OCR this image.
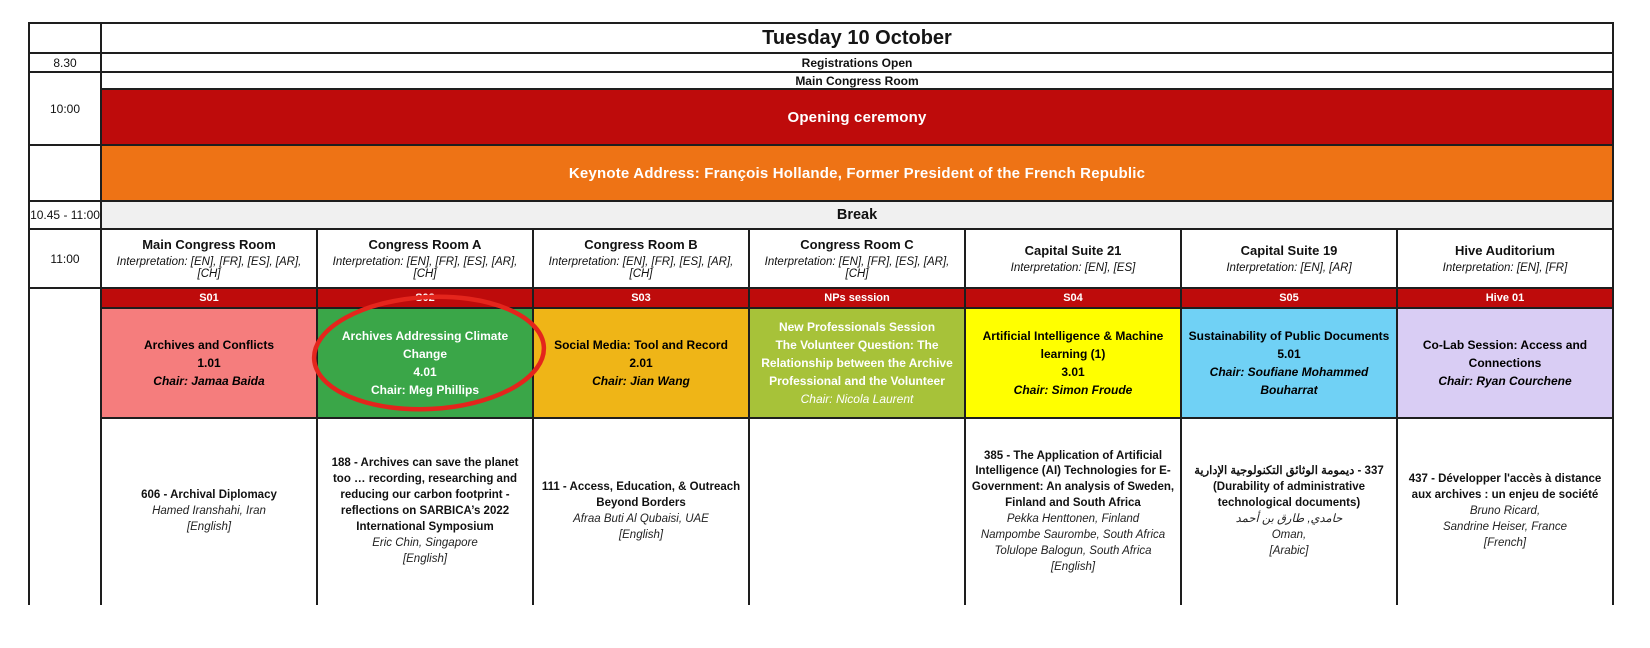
Tuesday 10 October
8.30	Registrations Open
10:00
Main Congress Room
Opening ceremony
Keynote Address: François Hollande, Former President of the French Republic
10.45 - 11:00	Break
11:00
Main Congress Room
Interpretation: [EN], [FR], [ES], [AR], [CH]
S01
Archives and Conflicts
1.01
Chair: Jamaa Baida
606 - Archival Diplomacy
Hamed Iranshahi, Iran
[English]
Congress Room A
Interpretation: [EN], [FR], [ES], [AR], [CH]
S02
Archives Addressing Climate Change
4.01
Chair: Meg Phillips
188 - Archives can save the planet too … recording, researching and reducing our carbon footprint - reflections on SARBICA’s 2022 International Symposium
Eric Chin, Singapore
[English]
Congress Room B
Interpretation: [EN], [FR], [ES], [AR], [CH]
S03
Social Media: Tool and Record
2.01
Chair: Jian Wang
111 - Access, Education, & Outreach Beyond Borders
Afraa Buti Al Qubaisi, UAE
[English]
Congress Room C
Interpretation: [EN], [FR], [ES], [AR], [CH]
NPs session
New Professionals Session
The Volunteer Question: The Relationship between the Archive Professional and the Volunteer
Chair: Nicola Laurent
Capital Suite 21
Interpretation: [EN], [ES]
S04
Artificial Intelligence & Machine learning (1)
3.01
Chair: Simon Froude
385 - The Application of Artificial Intelligence (AI) Technologies for E-Government: An analysis of Sweden, Finland and South Africa
Pekka Henttonen, Finland
Nampombe Saurombe, South Africa
Tolulope Balogun, South Africa
[English]
Capital Suite 19
Interpretation: [EN], [AR]
S05
Sustainability of Public Documents
5.01
Chair: Soufiane Mohammed Bouharrat
337 - ديمومة الوثائق التكنولوجية الإدارية
(Durability of administrative technological documents)
حامدي, طارق بن أحمد
Oman,
[Arabic]
Hive Auditorium
Interpretation: [EN], [FR]
Hive 01
Co-Lab Session: Access and Connections
Chair: Ryan Courchene
437 - Développer l'accès à distance aux archives : un enjeu de société
Bruno Ricard,
Sandrine Heiser, France
[French]
